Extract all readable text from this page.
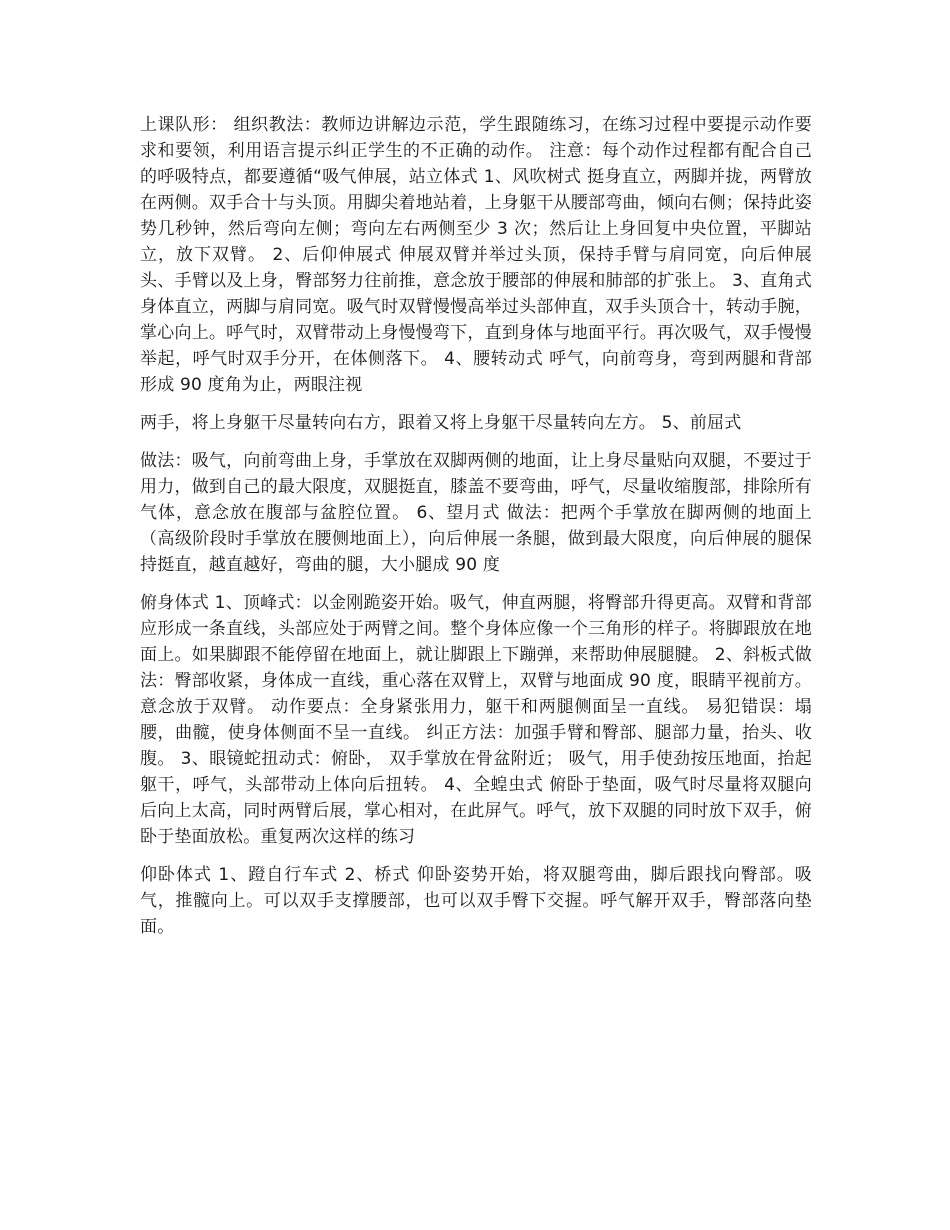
上课队形： 组织教法：教师边讲解边示范，学生跟随练习，在练习过程中要提示动作要求和要领，利用语言提示纠正学生的不正确的动作。 注意：每个动作过程都有配合自己的呼吸特点，都要遵循“吸气伸展，站立体式 1、风吹树式 挺身直立，两脚并拢，两臂放在两侧。双手合十与头顶。用脚尖着地站着，上身躯干从腰部弯曲，倾向右侧；保持此姿势几秒钟，然后弯向左侧；弯向左右两侧至少 3 次；然后让上身回复中央位置，平脚站立，放下双臂。 2、后仰伸展式 伸展双臂并举过头顶，保持手臂与肩同宽，向后伸展头、手臂以及上身，臀部努力往前推，意念放于腰部的伸展和肺部的扩张上。 3、直角式 身体直立，两脚与肩同宽。吸气时双臂慢慢高举过头部伸直，双手头顶合十，转动手腕，掌心向上。呼气时，双臂带动上身慢慢弯下，直到身体与地面平行。再次吸气，双手慢慢举起，呼气时双手分开，在体侧落下。 4、腰转动式 呼气，向前弯身，弯到两腿和背部形成 90 度角为止，两眼注视

两手，将上身躯干尽量转向右方，跟着又将上身躯干尽量转向左方。 5、前屈式

做法：吸气，向前弯曲上身，手掌放在双脚两侧的地面，让上身尽量贴向双腿，不要过于用力，做到自己的最大限度，双腿挺直，膝盖不要弯曲，呼气，尽量收缩腹部，排除所有气体，意念放在腹部与盆腔位置。 6、望月式 做法：把两个手掌放在脚两侧的地面上（高级阶段时手掌放在腰侧地面上），向后伸展一条腿，做到最大限度，向后伸展的腿保持挺直，越直越好，弯曲的腿，大小腿成 90 度

俯身体式 1、顶峰式：以金刚跪姿开始。吸气，伸直两腿，将臀部升得更高。双臂和背部应形成一条直线，头部应处于两臂之间。整个身体应像一个三角形的样子。将脚跟放在地面上。如果脚跟不能停留在地面上，就让脚跟上下蹦弹，来帮助伸展腿腱。 2、斜板式做法：臀部收紧，身体成一直线，重心落在双臂上，双臂与地面成 90 度，眼睛平视前方。意念放于双臂。 动作要点：全身紧张用力，躯干和两腿侧面呈一直线。 易犯错误：塌腰，曲髋，使身体侧面不呈一直线。 纠正方法：加强手臂和臀部、腿部力量，抬头、收腹。 3、眼镜蛇扭动式：俯卧， 双手掌放在骨盆附近； 吸气，用手使劲按压地面，抬起躯干，呼气，头部带动上体向后扭转。 4、全蝗虫式 俯卧于垫面，吸气时尽量将双腿向后向上太高，同时两臂后展，掌心相对，在此屏气。呼气，放下双腿的同时放下双手，俯卧于垫面放松。重复两次这样的练习

仰卧体式 1、蹬自行车式 2、桥式 仰卧姿势开始，将双腿弯曲，脚后跟找向臀部。吸气，推髋向上。可以双手支撑腰部，也可以双手臀下交握。呼气解开双手，臀部落向垫面。
